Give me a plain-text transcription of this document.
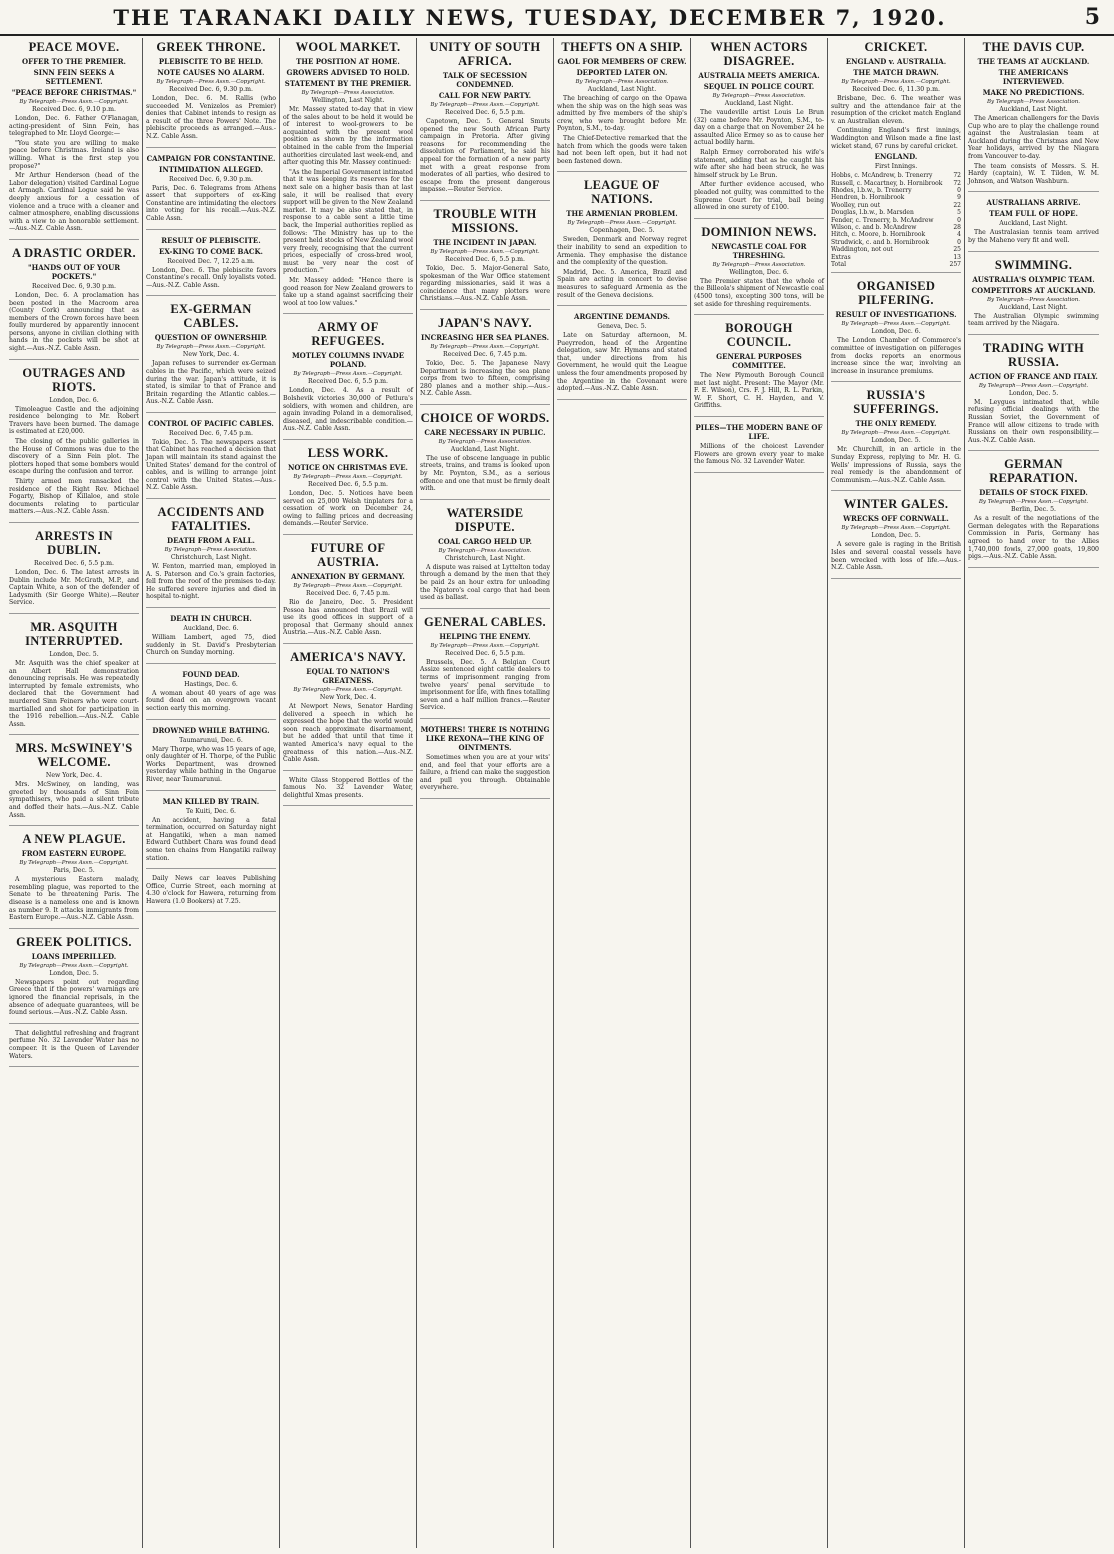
THE TARANAKI DAILY NEWS, TUESDAY, DECEMBER 7, 1920.	5
PEACE MOVE.
OFFER TO THE PREMIER.
SINN FEIN SEEKS A SETTLEMENT.
"PEACE BEFORE CHRISTMAS."
By Telegraph—Press Assn.—Copyright.
Received Dec. 6, 9.10 p.m.

London, Dec. 6. Father O'Flanagan, acting-president of Sinn Fein, has telegraphed to Mr. Lloyd George:—

"You state you are willing to make peace before Christmas. Ireland is also willing. What is the first step you propose?"

Mr Arthur Henderson (head of the Labor delegation) visited Cardinal Logue at Armagh. Cardinal Logue said he was deeply anxious for a cessation of violence and a truce with a cleaner and calmer atmosphere, enabling discussions with a view to an honorable settlement.—Aus.-N.Z. Cable Assn.

A DRASTIC ORDER.
"HANDS OUT OF YOUR POCKETS."
Received Dec. 6, 9.30 p.m.

London, Dec. 6. A proclamation has been posted in the Macroom area (County Cork) announcing that as members of the Crown forces have been foully murdered by apparently innocent persons, anyone in civilian clothing with hands in the pockets will be shot at sight.—Aus.-N.Z. Cable Assn.

OUTRAGES AND RIOTS.
London, Dec. 6.

Timoleague Castle and the adjoining residence belonging to Mr. Robert Travers have been burned. The damage is estimated at £20,000.

The closing of the public galleries in the House of Commons was due to the discovery of a Sinn Fein plot. The plotters hoped that some bombers would escape during the confusion and terror.

Thirty armed men ransacked the residence of the Right Rev. Michael Fogarty, Bishop of Killaloe, and stole documents relating to particular matters.—Aus.-N.Z. Cable Assn.

ARRESTS IN DUBLIN.
Received Dec. 6, 5.5 p.m.

London, Dec. 6. The latest arrests in Dublin include Mr. McGrath, M.P., and Captain White, a son of the defender of Ladysmith (Sir George White).—Reuter Service.

MR. ASQUITH INTERRUPTED.
London, Dec. 5.

Mr. Asquith was the chief speaker at an Albert Hall demonstration denouncing reprisals. He was repeatedly interrupted by female extremists, who declared that the Government had murdered Sinn Feiners who were court-martialled and shot for participation in the 1916 rebellion.—Aus.-N.Z. Cable Assn.

MRS. McSWINEY'S WELCOME.
New York, Dec. 4.

Mrs. McSwiney, on landing, was greeted by thousands of Sinn Fein sympathisers, who paid a silent tribute and doffed their hats.—Aus.-N.Z. Cable Assn.

A NEW PLAGUE.
FROM EASTERN EUROPE.
By Telegraph—Press Assn.—Copyright.
Paris, Dec. 5.

A mysterious Eastern malady, resembling plague, was reported to the Senate to be threatening Paris. The disease is a nameless one and is known as number 9. It attacks immigrants from Eastern Europe.—Aus.-N.Z. Cable Assn.

GREEK POLITICS.
LOANS IMPERILLED.
By Telegraph—Press Assn.—Copyright.
London, Dec. 5.

Newspapers point out regarding Greece that if the powers' warnings are ignored the financial reprisals, in the absence of adequate guarantees, will be found serious.—Aus.-N.Z. Cable Assn.

That delightful refreshing and fragrant perfume No. 32 Lavender Water has no compeer. It is the Queen of Lavender Waters.

GREEK THRONE.
PLEBISCITE TO BE HELD.
NOTE CAUSES NO ALARM.
By Telegraph—Press Assn.—Copyright.
Received Dec. 6, 9.30 p.m.

London, Dec. 6. M. Rallis (who succeeded M. Venizelos as Premier) denies that Cabinet intends to resign as a result of the three Powers' Note. The plebiscite proceeds as arranged.—Aus.-N.Z. Cable Assn.

CAMPAIGN FOR CONSTANTINE.
INTIMIDATION ALLEGED.
Received Dec. 6, 9.30 p.m.

Paris, Dec. 6. Telegrams from Athens assert that supporters of ex-King Constantine are intimidating the electors into voting for his recall.—Aus.-N.Z. Cable Assn.

RESULT OF PLEBISCITE.
EX-KING TO COME BACK.
Received Dec. 7, 12.25 a.m.

London, Dec. 6. The plebiscite favors Constantine's recall. Only loyalists voted.—Aus.-N.Z. Cable Assn.

EX-GERMAN CABLES.
QUESTION OF OWNERSHIP.
By Telegraph—Press Assn.—Copyright.
New York, Dec. 4.

Japan refuses to surrender ex-German cables in the Pacific, which were seized during the war. Japan's attitude, it is stated, is similar to that of France and Britain regarding the Atlantic cables.—Aus.-N.Z. Cable Assn.

CONTROL OF PACIFIC CABLES.
Received Dec. 6, 7.45 p.m.

Tokio, Dec. 5. The newspapers assert that Cabinet has reached a decision that Japan will maintain its stand against the United States' demand for the control of cables, and is willing to arrange joint control with the United States.—Aus.-N.Z. Cable Assn.

ACCIDENTS AND FATALITIES.
DEATH FROM A FALL.
By Telegraph—Press Association.
Christchurch, Last Night.

W. Fenton, married man, employed in A. S. Paterson and Co.'s grain factories, fell from the roof of the premises to-day. He suffered severe injuries and died in hospital to-night.

DEATH IN CHURCH.
Auckland, Dec. 6.

William Lambert, aged 75, died suddenly in St. David's Presbyterian Church on Sunday morning.

FOUND DEAD.
Hastings, Dec. 6.

A woman about 40 years of age was found dead on an overgrown vacant section early this morning.

DROWNED WHILE BATHING.
Taumarunui, Dec. 6.

Mary Thorpe, who was 15 years of age, only daughter of H. Thorpe, of the Public Works Department, was drowned yesterday while bathing in the Ongarue River, near Taumarunui.

MAN KILLED BY TRAIN.
Te Kuiti, Dec. 6.

An accident, having a fatal termination, occurred on Saturday night at Hangatiki, when a man named Edward Cuthbert Chara was found dead some ten chains from Hangatiki railway station.

Daily News car leaves Publishing Office, Currie Street, each morning at 4.30 o'clock for Hawera, returning from Hawera (1.0 Bookers) at 7.25.

WOOL MARKET.
THE POSITION AT HOME.
GROWERS ADVISED TO HOLD.
STATEMENT BY THE PREMIER.
By Telegraph—Press Association.
Wellington, Last Night.

Mr. Massey stated to-day that in view of the sales about to be held it would be of interest to wool-growers to be acquainted with the present wool position as shown by the information obtained in the cable from the Imperial authorities circulated last week-end, and after quoting this Mr. Massey continued:

"As the Imperial Government intimated that it was keeping its reserves for the next sale on a higher basis than at last sale, it will be realised that every support will be given to the New Zealand market. It may be also stated that, in response to a cable sent a little time back, the Imperial authorities replied as follows: 'The Ministry has up to the present held stocks of New Zealand wool very freely, recognising that the current prices, especially of cross-bred wool, must be very near the cost of production.'"

Mr. Massey added: "Hence there is good reason for New Zealand growers to take up a stand against sacrificing their wool at too low values."

ARMY OF REFUGEES.
MOTLEY COLUMNS INVADE POLAND.
By Telegraph—Press Assn.—Copyright.
Received Dec. 6, 5.5 p.m.

London, Dec. 4. As a result of Bolshevik victories 30,000 of Petlura's soldiers, with women and children, are again invading Poland in a demoralised, diseased, and indescribable condition.—Aus.-N.Z. Cable Assn.

LESS WORK.
NOTICE ON CHRISTMAS EVE.
By Telegraph—Press Assn.—Copyright.
Received Dec. 6, 5.5 p.m.

London, Dec. 5. Notices have been served on 25,000 Welsh tinplaters for a cessation of work on December 24, owing to falling prices and decreasing demands.—Reuter Service.

FUTURE OF AUSTRIA.
ANNEXATION BY GERMANY.
By Telegraph—Press Assn.—Copyright.
Received Dec. 6, 7.45 p.m.

Rio de Janeiro, Dec. 5. President Pessoa has announced that Brazil will use its good offices in support of a proposal that Germany should annex Austria.—Aus.-N.Z. Cable Assn.

AMERICA'S NAVY.
EQUAL TO NATION'S GREATNESS.
By Telegraph—Press Assn.—Copyright.
New York, Dec. 4.

At Newport News, Senator Harding delivered a speech in which he expressed the hope that the world would soon reach approximate disarmament, but he added that until that time it wanted America's navy equal to the greatness of this nation.—Aus.-N.Z. Cable Assn.

White Glass Stoppered Bottles of the famous No. 32 Lavender Water, delightful Xmas presents.

UNITY OF SOUTH AFRICA.
TALK OF SECESSION CONDEMNED.
CALL FOR NEW PARTY.
By Telegraph—Press Assn.—Copyright.
Received Dec. 6, 5.5 p.m.

Capetown, Dec. 5. General Smuts opened the new South African Party campaign in Pretoria. After giving reasons for recommending the dissolution of Parliament, he said his appeal for the formation of a new party met with a great response from moderates of all parties, who desired to escape from the present dangerous impasse.—Reuter Service.

TROUBLE WITH MISSIONS.
THE INCIDENT IN JAPAN.
By Telegraph—Press Assn.—Copyright.
Received Dec. 6, 5.5 p.m.

Tokio, Dec. 5. Major-General Sato, spokesman of the War Office statement regarding missionaries, said it was a coincidence that many plotters were Christians.—Aus.-N.Z. Cable Assn.

JAPAN'S NAVY.
INCREASING HER SEA PLANES.
By Telegraph—Press Assn.—Copyright.
Received Dec. 6, 7.45 p.m.

Tokio, Dec. 5. The Japanese Navy Department is increasing the sea plane corps from two to fifteen, comprising 280 planes and a mother ship.—Aus.-N.Z. Cable Assn.

CHOICE OF WORDS.
CARE NECESSARY IN PUBLIC.
By Telegraph—Press Association.
Auckland, Last Night.

The use of obscene language in public streets, trains, and trams is looked upon by Mr. Poynton, S.M., as a serious offence and one that must be firmly dealt with.

WATERSIDE DISPUTE.
COAL CARGO HELD UP.
By Telegraph—Press Association.
Christchurch, Last Night.

A dispute was raised at Lyttelton today through a demand by the men that they be paid 2s an hour extra for unloading the Ngatoro's coal cargo that had been used as ballast.

GENERAL CABLES.
HELPING THE ENEMY.
By Telegraph—Press Assn.—Copyright.
Received Dec. 6, 5.5 p.m.

Brussels, Dec. 5. A Belgian Court Assize sentenced eight cattle dealers to terms of imprisonment ranging from twelve years' penal servitude to imprisonment for life, with fines totalling seven and a half million francs.—Reuter Service.

MOTHERS! THERE IS NOTHING LIKE REXONA—THE KING OF OINTMENTS.

Sometimes when you are at your wits' end, and feel that your efforts are a failure, a friend can make the suggestion and pull you through. Obtainable everywhere.

THEFTS ON A SHIP.
GAOL FOR MEMBERS OF CREW.
DEPORTED LATER ON.
By Telegraph—Press Association.
Auckland, Last Night.

The breaching of cargo on the Opawa when the ship was on the high seas was admitted by five members of the ship's crew, who were brought before Mr. Poynton, S.M., to-day.

The Chief-Detective remarked that the hatch from which the goods were taken had not been left open, but it had not been fastened down.

LEAGUE OF NATIONS.
THE ARMENIAN PROBLEM.
By Telegraph—Press Assn.—Copyright.
Copenhagen, Dec. 5.

Sweden, Denmark and Norway regret their inability to send an expedition to Armenia. They emphasise the distance and the complexity of the question.

Madrid, Dec. 5. America, Brazil and Spain are acting in concert to devise measures to safeguard Armenia as the result of the Geneva decisions.

ARGENTINE DEMANDS.
Geneva, Dec. 5.

Late on Saturday afternoon, M. Pueyrredon, head of the Argentine delegation, saw Mr. Hymans and stated that, under directions from his Government, he would quit the League unless the four amendments proposed by the Argentine in the Covenant were adopted.—Aus.-N.Z. Cable Assn.

WHEN ACTORS DISAGREE.
AUSTRALIA MEETS AMERICA.
SEQUEL IN POLICE COURT.
By Telegraph—Press Association.
Auckland, Last Night.

The vaudeville artist Louis Le Brun (32) came before Mr. Poynton, S.M., to-day on a charge that on November 24 he assaulted Alice Ermey so as to cause her actual bodily harm.

Ralph Ermey corroborated his wife's statement, adding that as he caught his wife after she had been struck, he was himself struck by Le Brun.

After further evidence accused, who pleaded not guilty, was committed to the Supreme Court for trial, bail being allowed in one surety of £100.

DOMINION NEWS.
NEWCASTLE COAL FOR THRESHING.
By Telegraph—Press Association.
Wellington, Dec. 6.

The Premier states that the whole of the Billeola's shipment of Newcastle coal (4500 tons), excepting 300 tons, will be set aside for threshing requirements.

BOROUGH COUNCIL.
GENERAL PURPOSES COMMITTEE.

The New Plymouth Borough Council met last night. Present: The Mayor (Mr. F. E. Wilson), Crs. F. J. Hill, R. L. Parkin, W. F. Short, C. H. Hayden, and V. Griffiths.

PILES—THE MODERN BANE OF LIFE.

Millions of the choicest Lavender Flowers are grown every year to make the famous No. 32 Lavender Water.

CRICKET.
ENGLAND v. AUSTRALIA.
THE MATCH DRAWN.
By Telegraph—Press Assn.—Copyright.
Received Dec. 6, 11.30 p.m.

Brisbane, Dec. 6. The weather was sultry and the attendance fair at the resumption of the cricket match England v. an Australian eleven.

Continuing England's first innings, Waddington and Wilson made a fine last wicket stand, 67 runs by careful cricket.

ENGLAND.
First Innings.
Hobbs, c. McAndrew, b. Trenerry	72
Russell, c. Macartney, b. Hornibrook	72
Rhodes, l.b.w., b. Trenerry	0
Hendren, b. Hornibrook	9
Woolley, run out	22
Douglas, l.b.w., b. Marsden	5
Fender, c. Trenerry, b. McAndrew	0
Wilson, c. and b. McAndrew	28
Hitch, c. Moore, b. Hornibrook	4
Strudwick, c. and b. Hornibrook	0
Waddington, not out	25
Extras	13
Total	257
ORGANISED PILFERING.
RESULT OF INVESTIGATIONS.
By Telegraph—Press Assn.—Copyright.
London, Dec. 6.

The London Chamber of Commerce's committee of investigation on pilferages from docks reports an enormous increase since the war, involving an increase in insurance premiums.

RUSSIA'S SUFFERINGS.
THE ONLY REMEDY.
By Telegraph—Press Assn.—Copyright.
London, Dec. 5.

Mr. Churchill, in an article in the Sunday Express, replying to Mr. H. G. Wells' impressions of Russia, says the real remedy is the abandonment of Communism.—Aus.-N.Z. Cable Assn.

WINTER GALES.
WRECKS OFF CORNWALL.
By Telegraph—Press Assn.—Copyright.
London, Dec. 5.

A severe gale is raging in the British Isles and several coastal vessels have been wrecked with loss of life.—Aus.-N.Z. Cable Assn.

THE DAVIS CUP.
THE TEAMS AT AUCKLAND.
THE AMERICANS INTERVIEWED.
MAKE NO PREDICTIONS.
By Telegraph—Press Association.
Auckland, Last Night.

The American challengers for the Davis Cup who are to play the challenge round against the Australasian team at Auckland during the Christmas and New Year holidays, arrived by the Niagara from Vancouver to-day.

The team consists of Messrs. S. H. Hardy (captain), W. T. Tilden, W. M. Johnson, and Watson Washburn.

AUSTRALIANS ARRIVE.
TEAM FULL OF HOPE.
Auckland, Last Night.

The Australasian tennis team arrived by the Maheno very fit and well.

SWIMMING.
AUSTRALIA'S OLYMPIC TEAM.
COMPETITORS AT AUCKLAND.
By Telegraph—Press Association.
Auckland, Last Night.

The Australian Olympic swimming team arrived by the Niagara.

TRADING WITH RUSSIA.
ACTION OF FRANCE AND ITALY.
By Telegraph—Press Assn.—Copyright.
London, Dec. 5.

M. Leygues intimated that, while refusing official dealings with the Russian Soviet, the Government of France will allow citizens to trade with Russians on their own responsibility.—Aus.-N.Z. Cable Assn.

GERMAN REPARATION.
DETAILS OF STOCK FIXED.
By Telegraph—Press Assn.—Copyright.
Berlin, Dec. 5.

As a result of the negotiations of the German delegates with the Reparations Commission in Paris, Germany has agreed to hand over to the Allies 1,740,000 fowls, 27,000 goats, 19,800 pigs.—Aus.-N.Z. Cable Assn.
